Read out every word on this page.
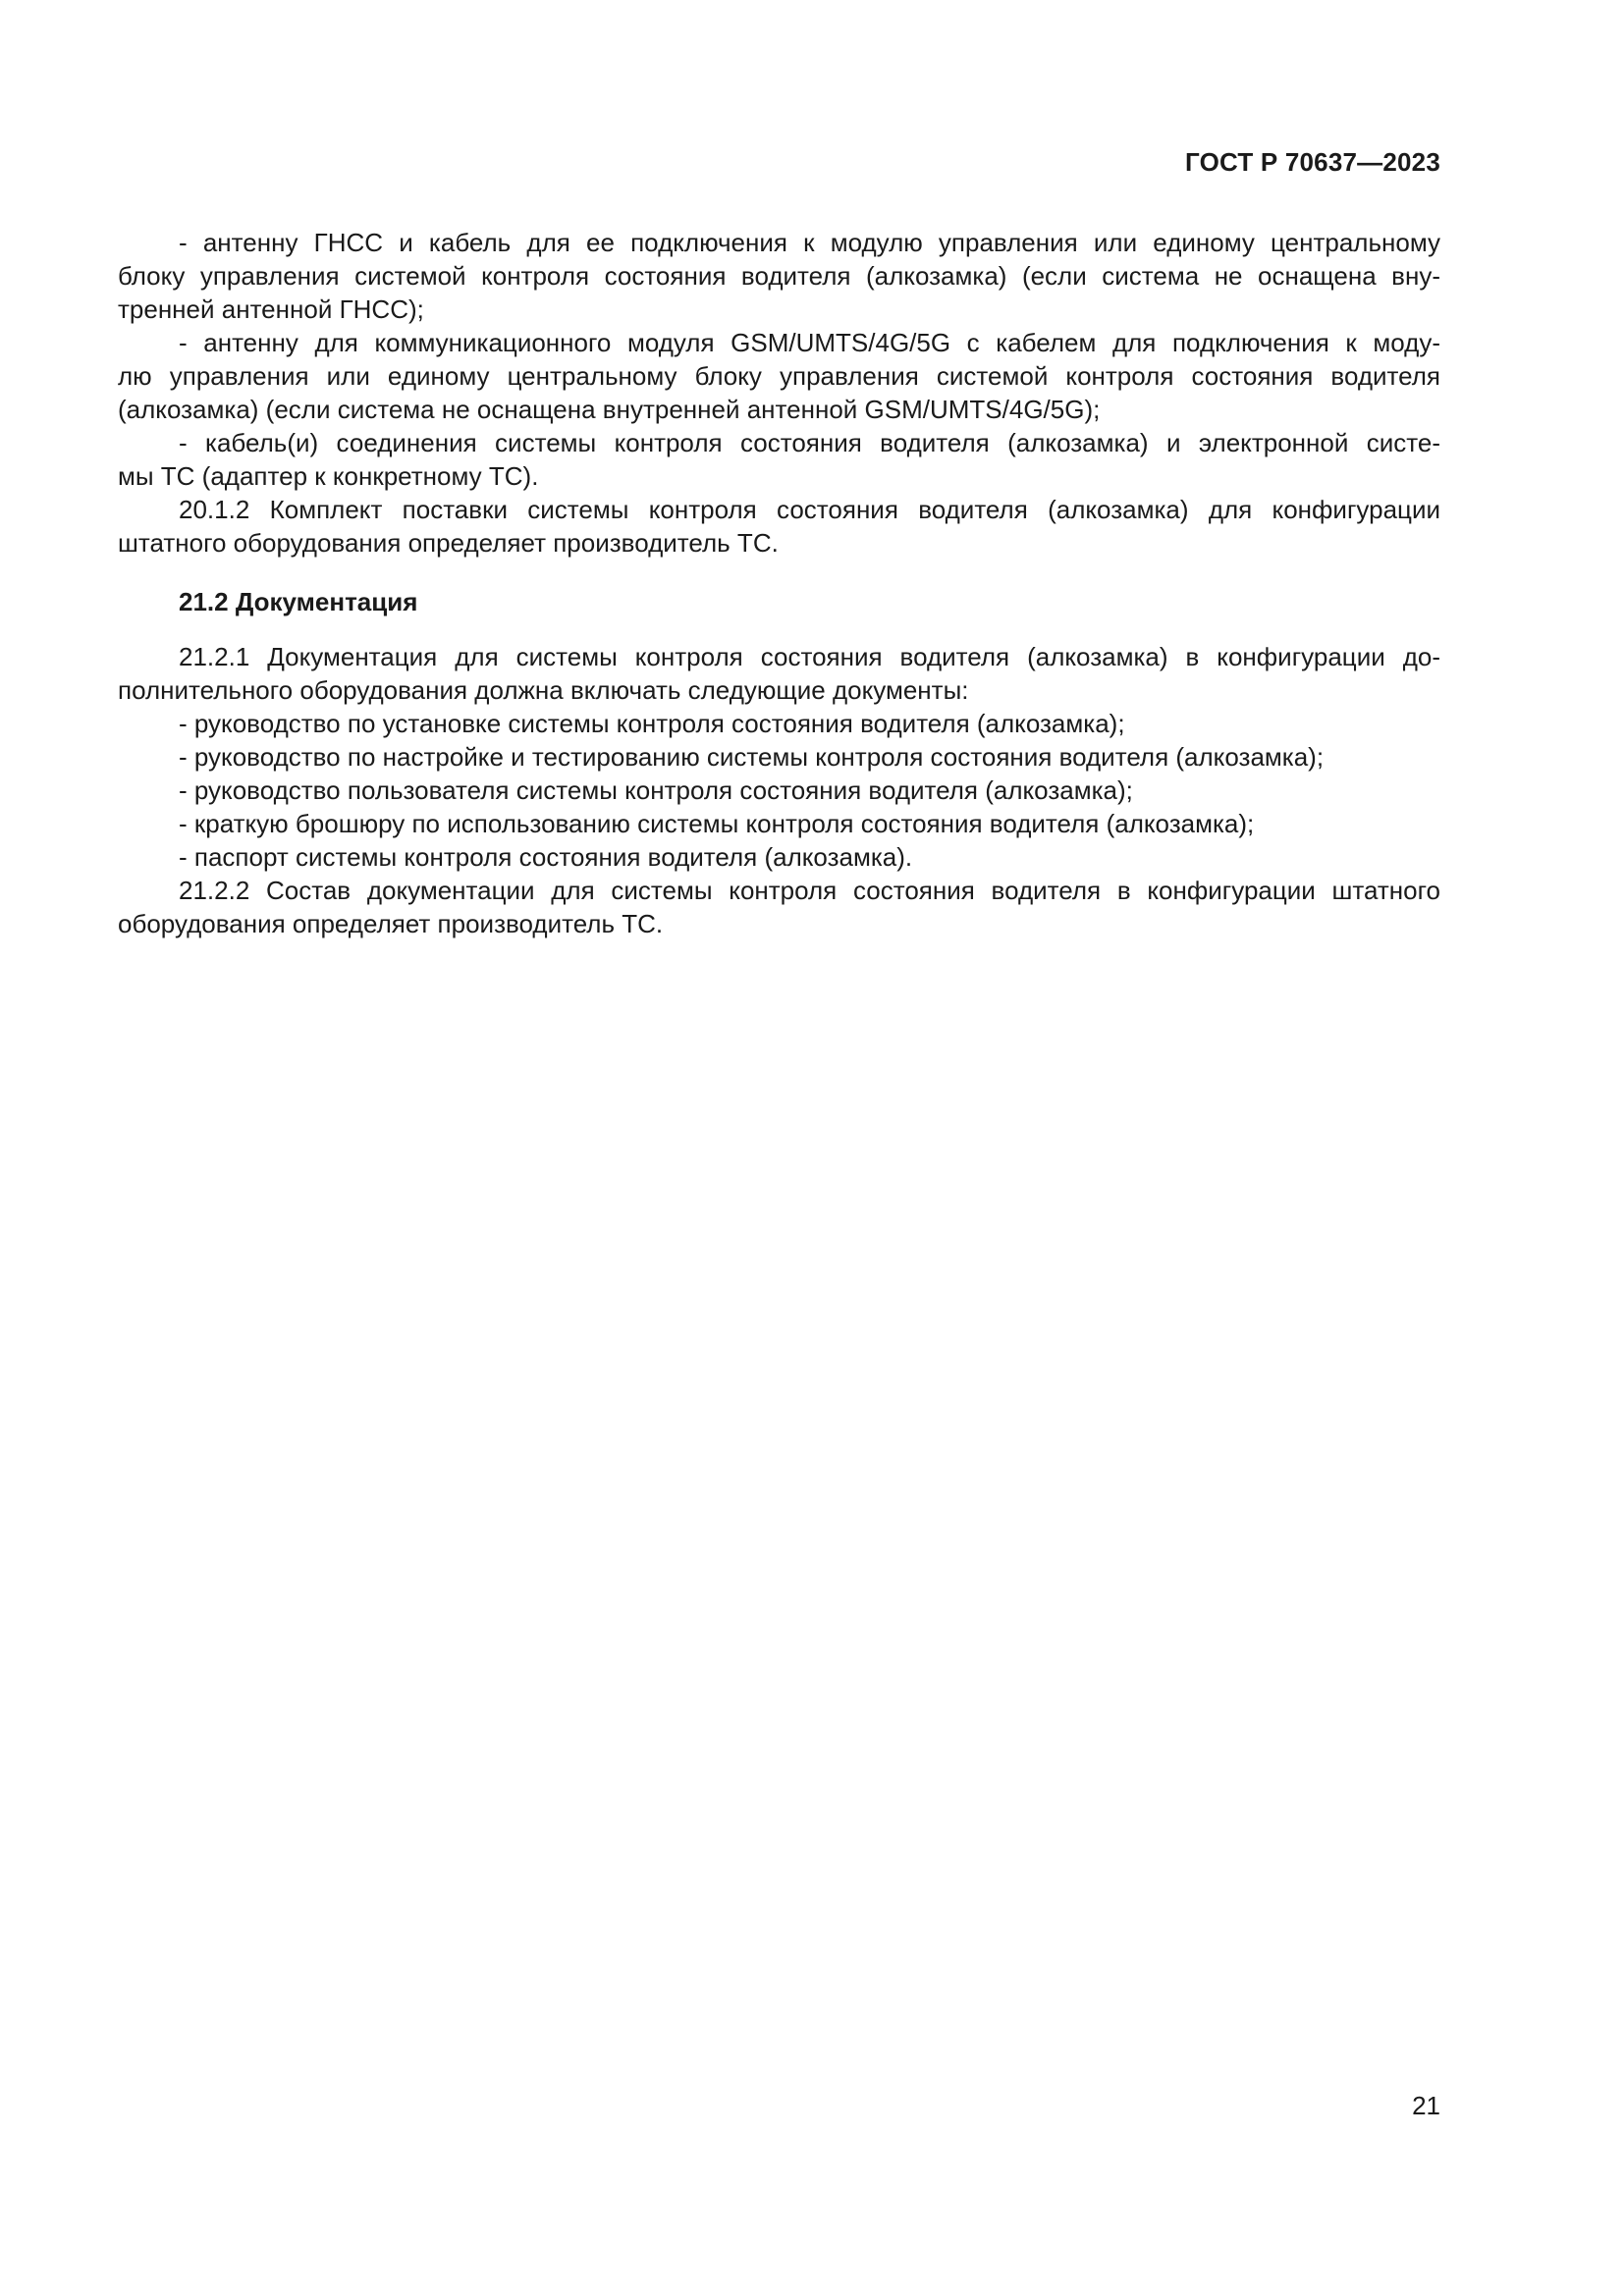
ГОСТ Р 70637—2023

- антенну ГНСС и кабель для ее подключения к модулю управления или единому центральному
блоку управления системой контроля состояния водителя (алкозамка) (если система не оснащена вну-
тренней антенной ГНСС);

- антенну для коммуникационного модуля GSM/UMTS/4G/5G с кабелем для подключения к моду-
лю управления или единому центральному блоку управления системой контроля состояния водителя
(алкозамка) (если система не оснащена внутренней антенной GSM/UMTS/4G/5G);

- кабель(и) соединения системы контроля состояния водителя (алкозамка) и электронной систе-
мы ТС (адаптер к конкретному ТС).

20.1.2 Комплект поставки системы контроля состояния водителя (алкозамка) для конфигурации
штатного оборудования определяет производитель ТС.

21.2 Документация

21.2.1 Документация для системы контроля состояния водителя (алкозамка) в конфигурации до-
полнительного оборудования должна включать следующие документы:

- руководство по установке системы контроля состояния водителя (алкозамка);

- руководство по настройке и тестированию системы контроля состояния водителя (алкозамка);

- руководство пользователя системы контроля состояния водителя (алкозамка);

- краткую брошюру по использованию системы контроля состояния водителя (алкозамка);

- паспорт системы контроля состояния водителя (алкозамка).

21.2.2 Состав документации для системы контроля состояния водителя в конфигурации штатного
оборудования определяет производитель ТС.

21
